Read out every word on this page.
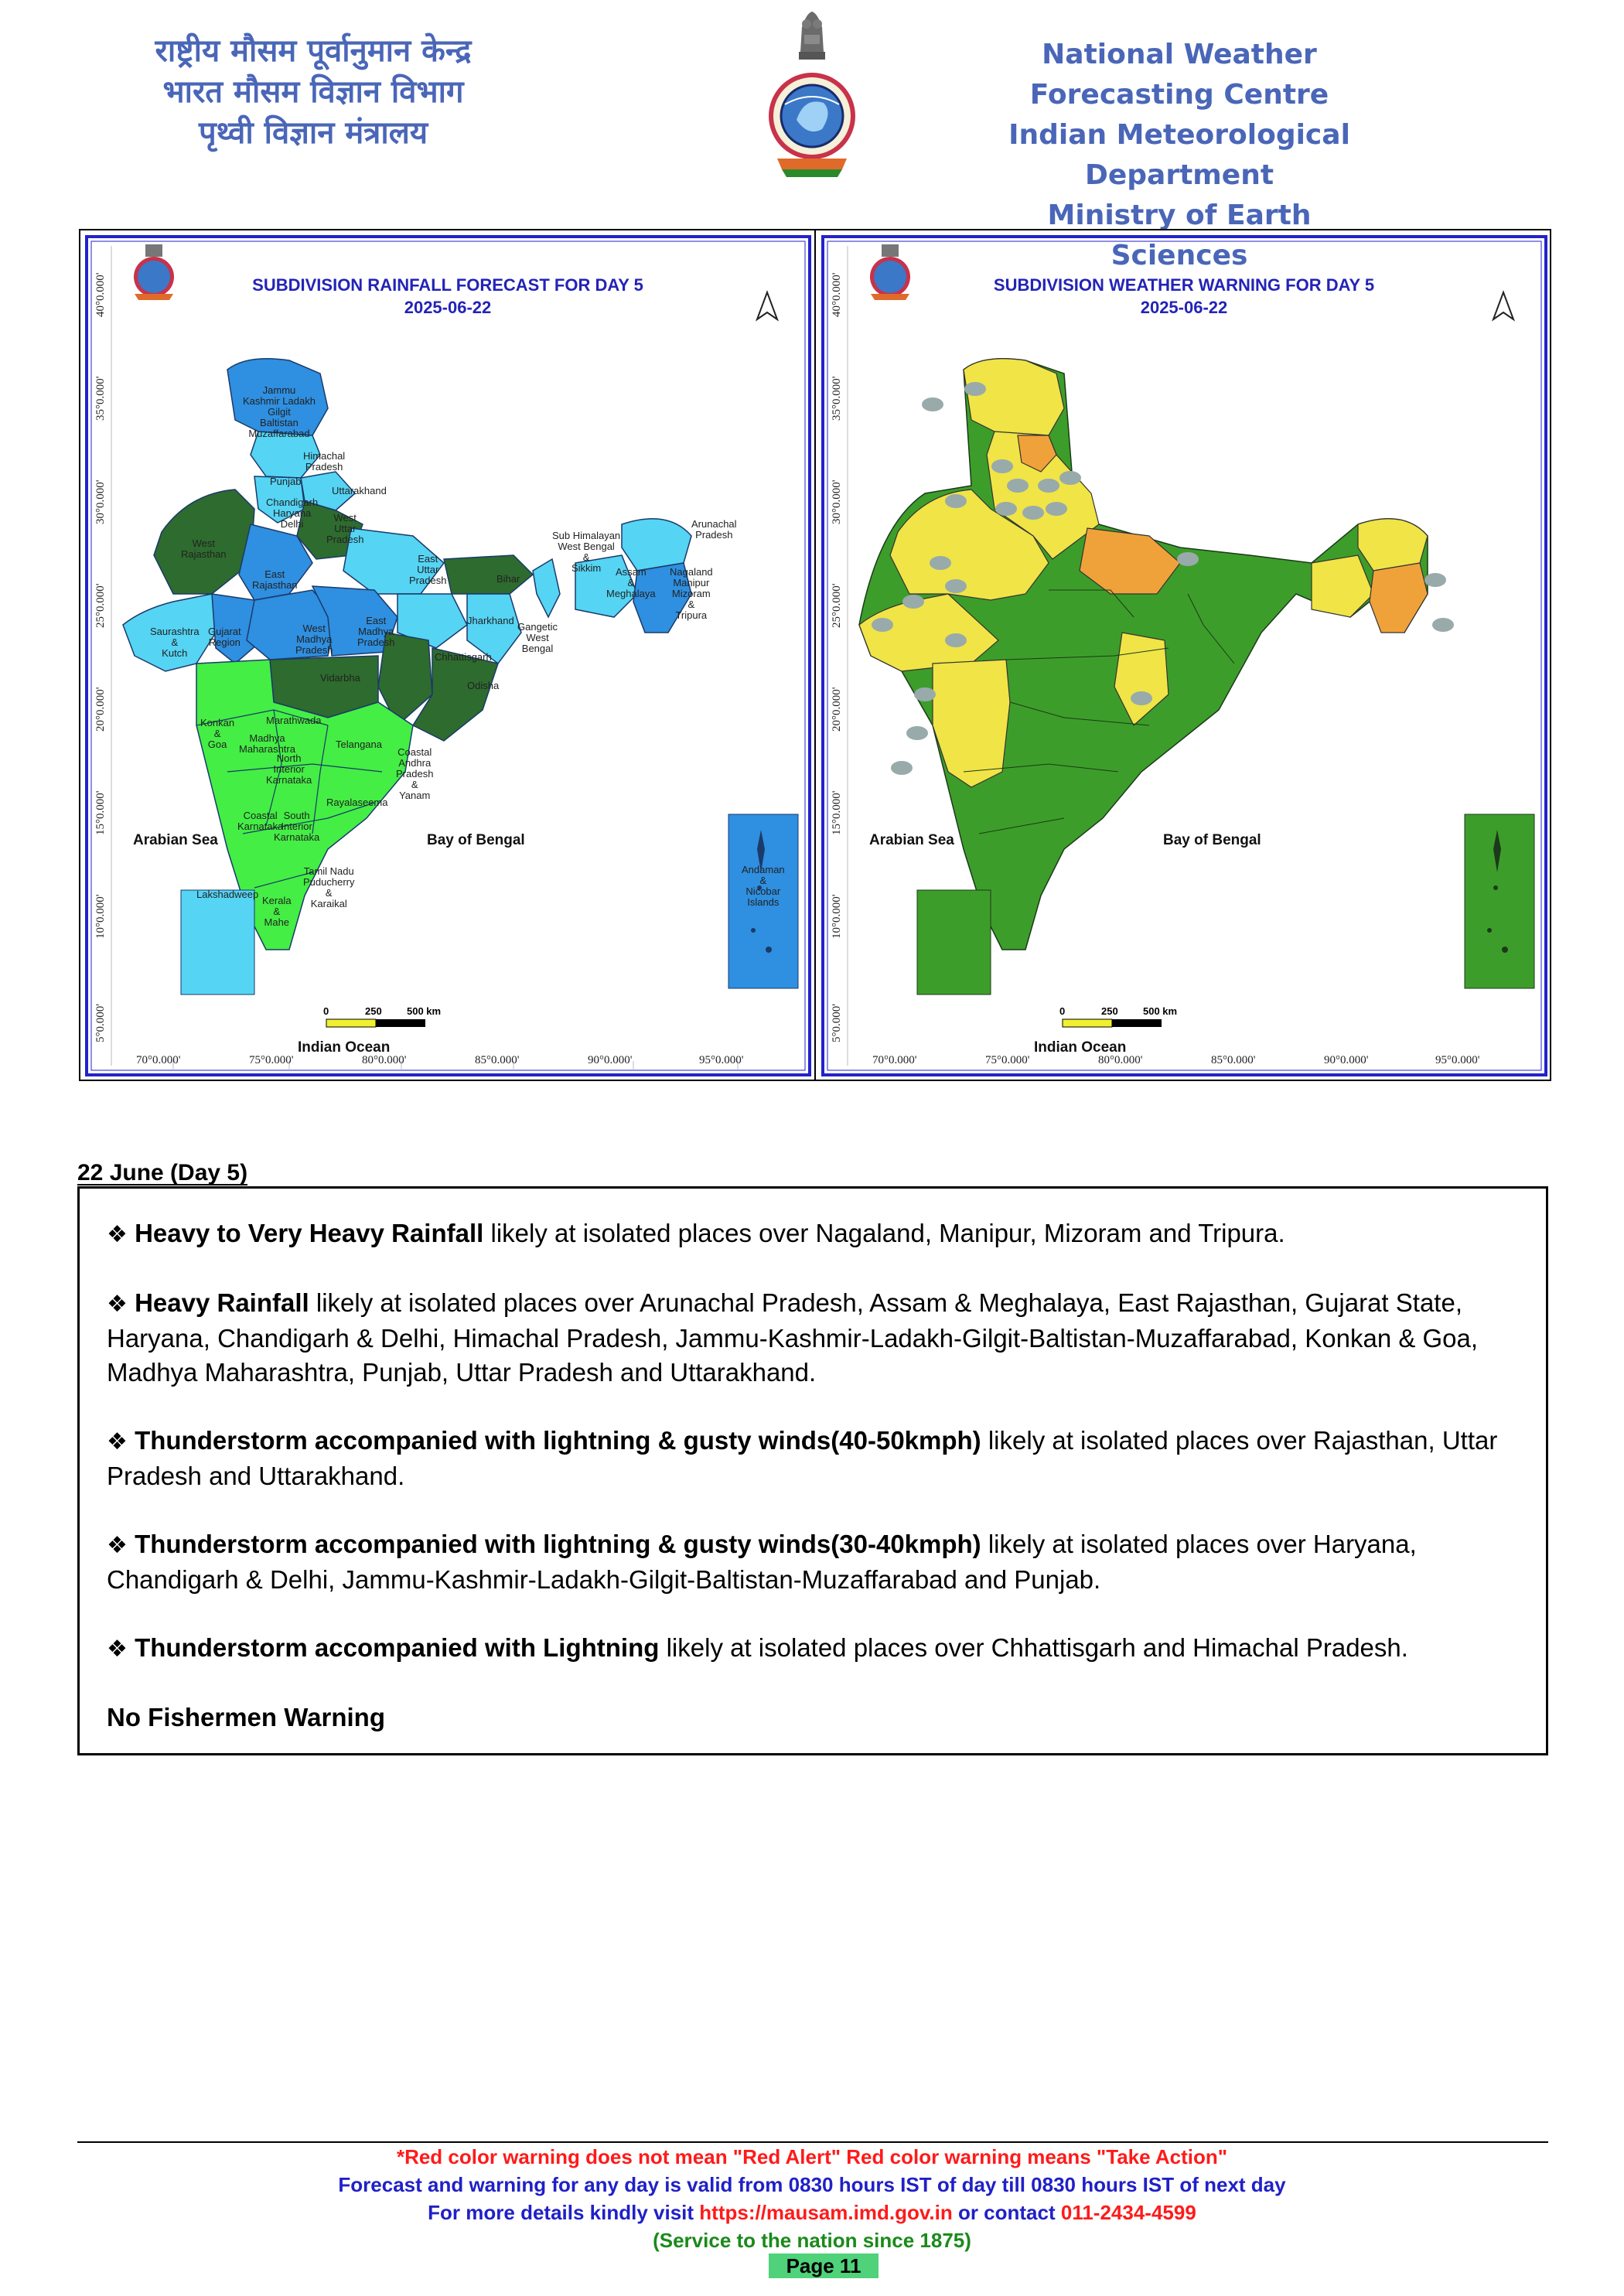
राष्ट्रीय मौसम पूर्वानुमान केन्द्र
भारत मौसम विज्ञान विभाग
पृथ्वी विज्ञान मंत्रालय
National Weather Forecasting Centre
Indian Meteorological Department
Ministry of Earth Sciences
SUBDIVISION RAINFALL FORECAST FOR DAY 5
2025-06-22
Jammu
Kashmir Ladakh
Gilgit
Baltistan
Muzaffarabad
Himachal
Pradesh
Punjab
Uttarakhand
Chandigarh
Haryana
Delhi
West
Uttar
Pradesh
West
Rajasthan
East
Rajasthan
East
Uttar
Pradesh	Bihar
Sub Himalayan
West Bengal
&
Sikkim
Arunachal
Pradesh
Assam
&
Meghalaya
Nagaland
Manipur
Mizoram
&
Tripura
Saurashtra
&
Kutch
Gujarat
Region
West
Madhya
Pradesh
East
Madhya
Pradesh
Jharkhand
Gangetic
West
Bengal
Chhattisgarh
Vidarbha
Odisha
Konkan
&
Goa
Marathwada
Madhya
Maharashtra
North
Interior
Karnataka
Telangana
Coastal
Andhra
Pradesh
&
Yanam
Rayalaseema
Coastal
Karnataka
South
Interior
Karnataka
Tamil Nadu
Puducherry
&
Karaikal
Kerala
&
Mahe
Lakshadweep
Andaman
&
Nicobar
Islands
Arabian Sea	Bay of Bengal
Indian Ocean
0	250 500 km
40°0.000'
35°0.000'
30°0.000'
25°0.000'
20°0.000'
15°0.000'
10°0.000'
5°0.000'
70°0.000'	75°0.000'	80°0.000'	85°0.000'	90°0.000'	95°0.000'
SUBDIVISION WEATHER WARNING FOR DAY 5
2025-06-22
Arabian Sea	Bay of Bengal
Indian Ocean
0	250 500 km
40°0.000'
35°0.000'
30°0.000'
25°0.000'
20°0.000'
15°0.000'
10°0.000'
5°0.000'
70°0.000'	75°0.000'	80°0.000'	85°0.000'	90°0.000'	95°0.000'
22 June (Day 5)
❖ Heavy to Very Heavy Rainfall likely at isolated places over Nagaland, Manipur, Mizoram and Tripura.
❖ Heavy Rainfall likely at isolated places over Arunachal Pradesh, Assam & Meghalaya, East Rajasthan, Gujarat State, Haryana, Chandigarh & Delhi, Himachal Pradesh, Jammu-Kashmir-Ladakh-Gilgit-Baltistan-Muzaffarabad, Konkan & Goa, Madhya Maharashtra, Punjab, Uttar Pradesh and Uttarakhand.
❖ Thunderstorm accompanied with lightning & gusty winds(40-50kmph) likely at isolated places over Rajasthan, Uttar Pradesh and Uttarakhand.
❖ Thunderstorm accompanied with lightning & gusty winds(30-40kmph) likely at isolated places over Haryana, Chandigarh & Delhi, Jammu-Kashmir-Ladakh-Gilgit-Baltistan-Muzaffarabad and Punjab.
❖ Thunderstorm accompanied with Lightning likely at isolated places over Chhattisgarh and Himachal Pradesh.
No Fishermen Warning
*Red color warning does not mean "Red Alert" Red color warning means "Take Action"
Forecast and warning for any day is valid from 0830 hours IST of day till 0830 hours IST of next day
For more details kindly visit https://mausam.imd.gov.in or contact 011-2434-4599
(Service to the nation since 1875)
Page 11
